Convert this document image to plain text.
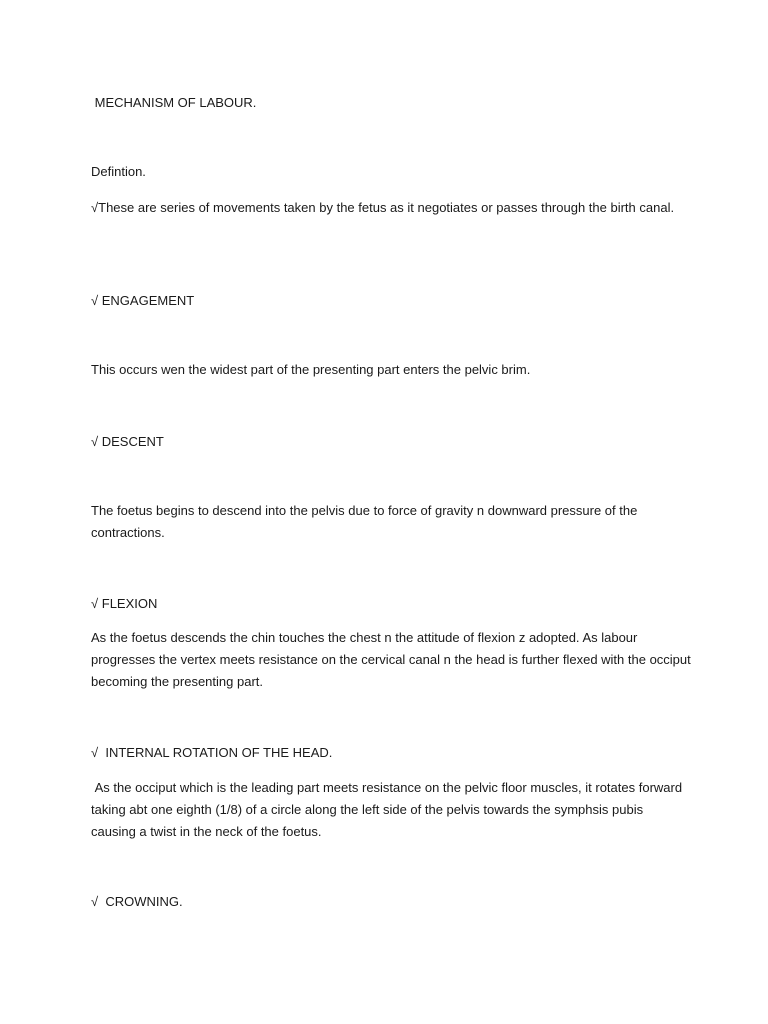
MECHANISM OF LABOUR.

Defintion.

√These are series of movements taken by the fetus as it negotiates or passes through the birth canal.

√ ENGAGEMENT

This occurs wen the widest part of the presenting part enters the pelvic brim.

√ DESCENT

The foetus begins to descend into the pelvis due to force of gravity n downward pressure of the contractions.

√ FLEXION

As the foetus descends the chin touches the chest n the attitude of flexion z adopted. As labour progresses the vertex meets resistance on the cervical canal n the head is further flexed with the occiput becoming the presenting part.

√  INTERNAL ROTATION OF THE HEAD.

As the occiput which is the leading part meets resistance on the pelvic floor muscles, it rotates forward taking abt one eighth (1/8) of a circle along the left side of the pelvis towards the symphsis pubis causing a twist in the neck of the foetus.

√  CROWNING.
